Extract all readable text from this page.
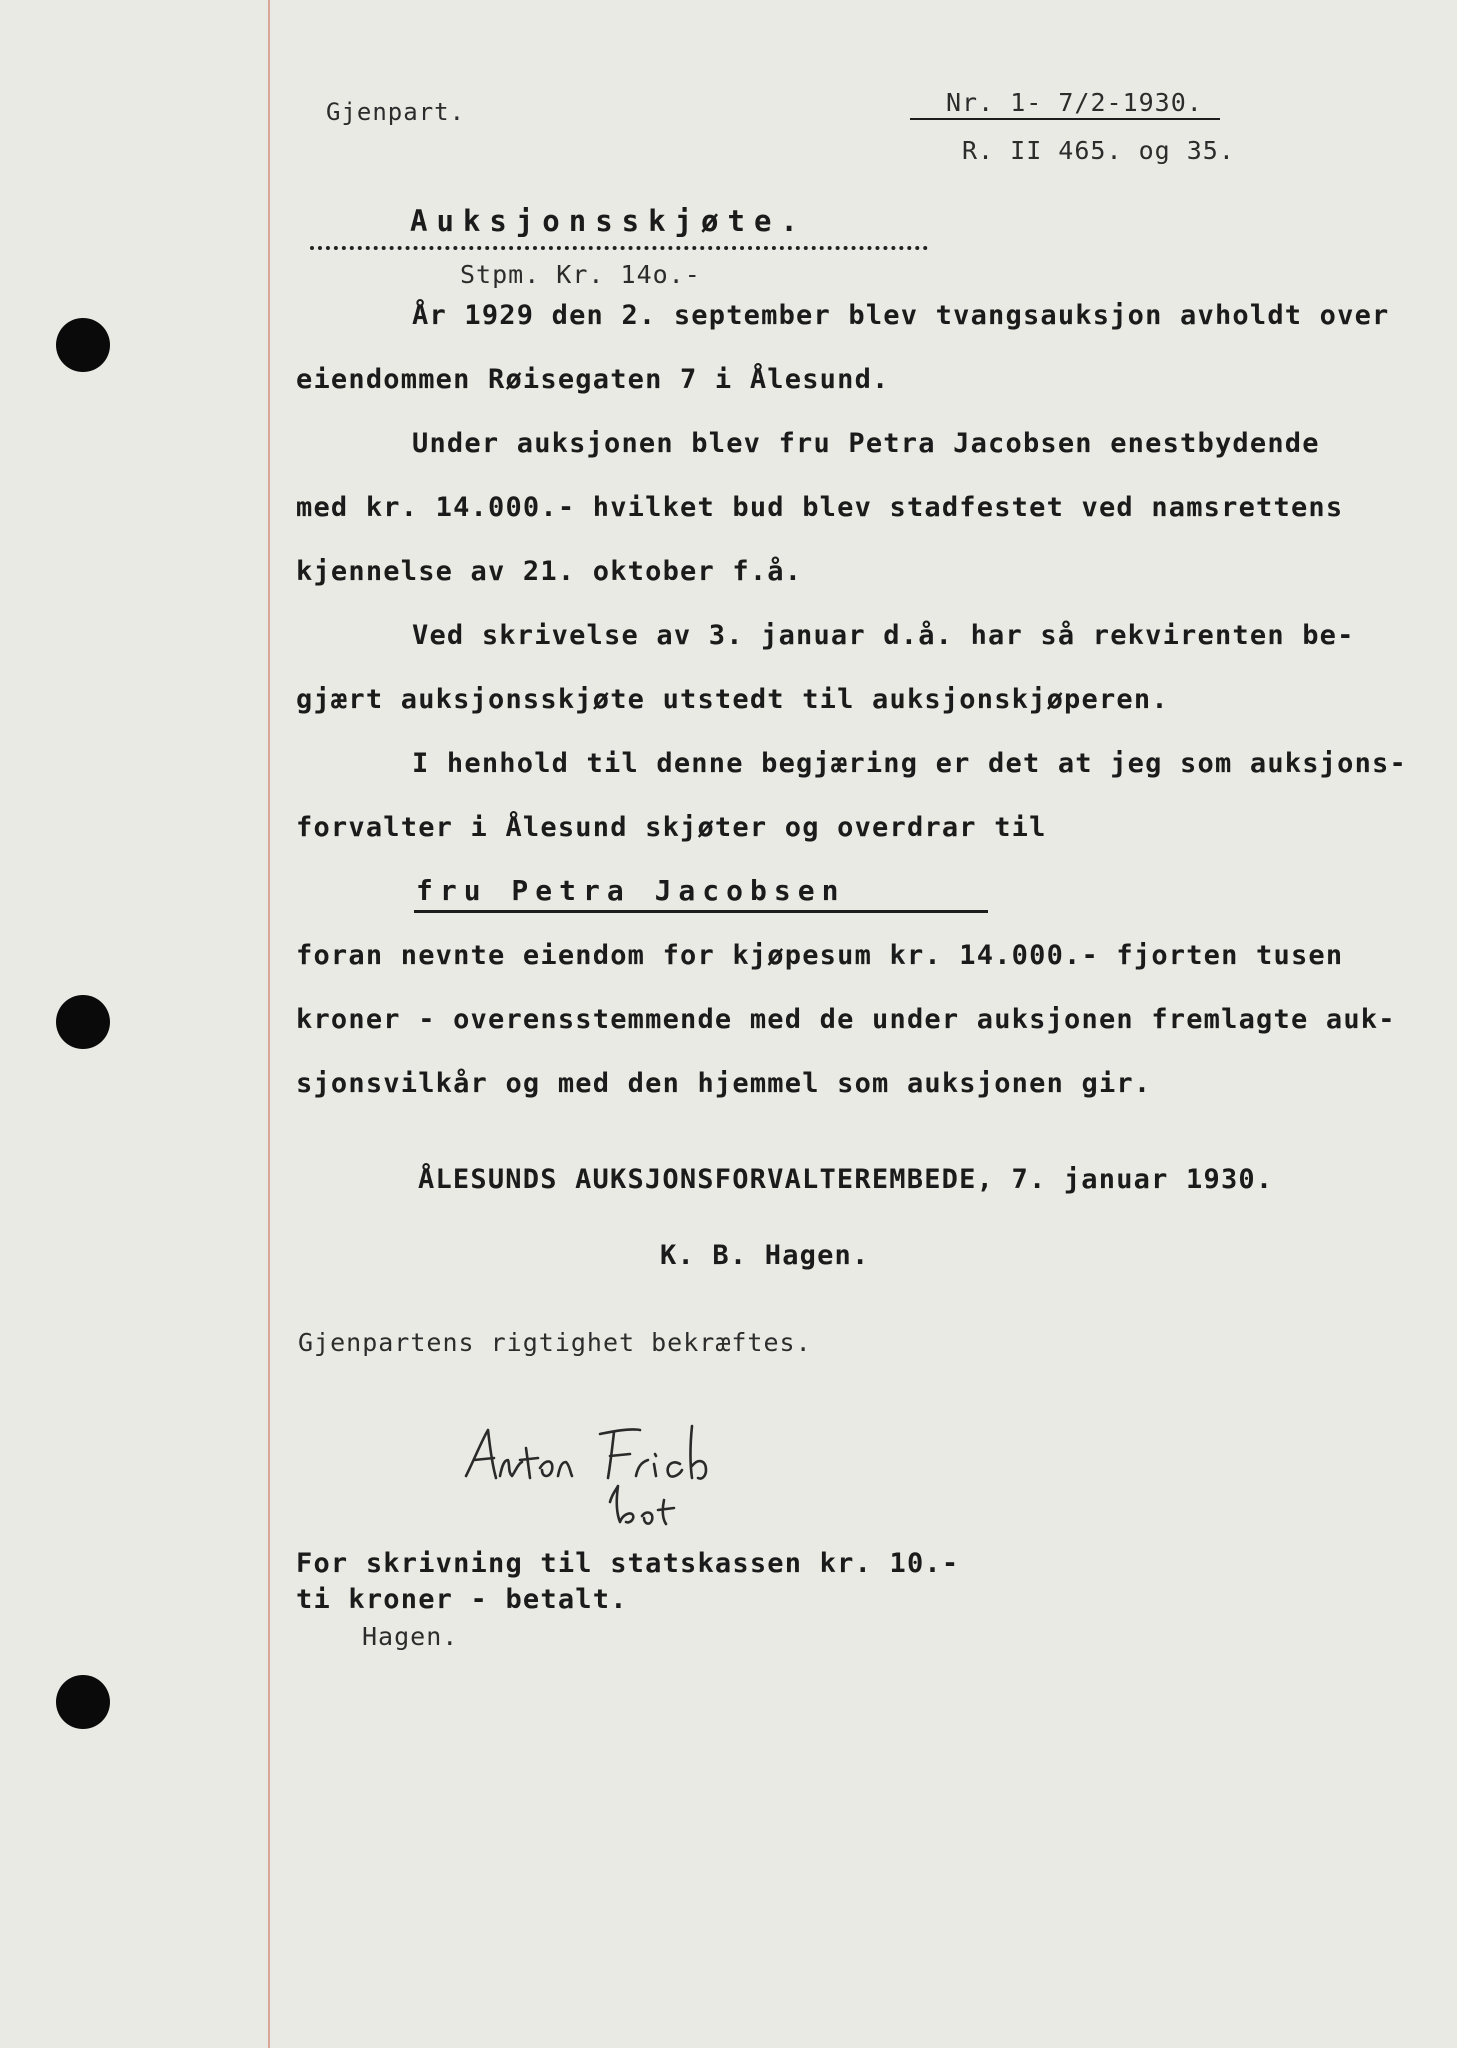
Gjenpart.	Nr. 1- 7/2-1930.
R. II 465. og 35.
Auksjonsskjøte.
Stpm. Kr. 14o.-
År 1929 den 2. september blev tvangsauksjon avholdt over
eiendommen Røisegaten 7 i Ålesund.
Under auksjonen blev fru Petra Jacobsen enestbydende
med kr. 14.000.- hvilket bud blev stadfestet ved namsrettens
kjennelse av 21. oktober f.å.
Ved skrivelse av 3. januar d.å. har så rekvirenten be-
gjært auksjonsskjøte utstedt til auksjonskjøperen.
I henhold til denne begjæring er det at jeg som auksjons-
forvalter i Ålesund skjøter og overdrar til
fru Petra Jacobsen
foran nevnte eiendom for kjøpesum kr. 14.000.- fjorten tusen
kroner - overensstemmende med de under auksjonen fremlagte auk-
sjonsvilkår og med den hjemmel som auksjonen gir.
ÅLESUNDS AUKSJONSFORVALTEREMBEDE, 7. januar 1930.
K. B. Hagen.
Gjenpartens rigtighet bekræftes.
For skrivning til statskassen kr. 10.-
ti kroner - betalt.
Hagen.
